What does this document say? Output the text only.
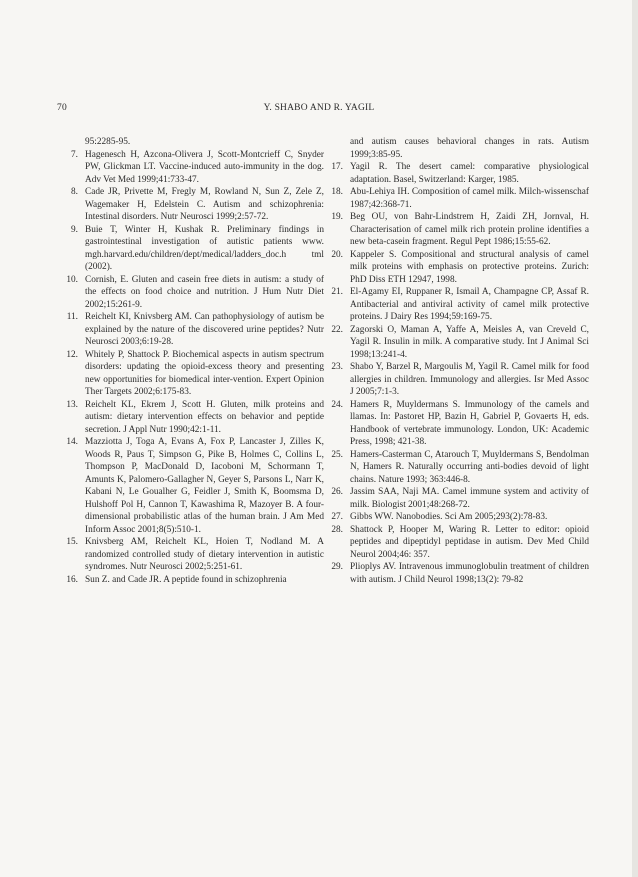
70	Y. SHABO AND R. YAGIL
95:2285-95.
7. Hagenesch H, Azcona-Olivera J, Scott-Montcrieff C, Snyder PW, Glickman LT. Vaccine-induced auto-immunity in the dog. Adv Vet Med 1999;41:733-47.
8. Cade JR, Privette M, Fregly M, Rowland N, Sun Z, Zele Z, Wagemaker H, Edelstein C. Autism and schizophrenia: Intestinal disorders. Nutr Neurosci 1999;2:57-72.
9. Buie T, Winter H, Kushak R. Preliminary findings in gastrointestinal investigation of autistic patients www. mgh.harvard.edu/children/dept/medical/ladders_doc.h tml (2002).
10. Cornish, E. Gluten and casein free diets in autism: a study of the effects on food choice and nutrition. J Hum Nutr Diet 2002;15:261-9.
11. Reichelt KI, Knivsberg AM. Can pathophysiology of autism be explained by the nature of the discovered urine peptides? Nutr Neurosci 2003;6:19-28.
12. Whitely P, Shattock P. Biochemical aspects in autism spectrum disorders: updating the opioid-excess theory and presenting new opportunities for biomedical inter-vention. Expert Opinion Ther Targets 2002;6:175-83.
13. Reichelt KL, Ekrem J, Scott H. Gluten, milk proteins and autism: dietary intervention effects on behavior and peptide secretion. J Appl Nutr 1990;42:1-11.
14. Mazziotta J, Toga A, Evans A, Fox P, Lancaster J, Zilles K, Woods R, Paus T, Simpson G, Pike B, Holmes C, Collins L, Thompson P, MacDonald D, Iacoboni M, Schormann T, Amunts K, Palomero-Gallagher N, Geyer S, Parsons L, Narr K, Kabani N, Le Goualher G, Feidler J, Smith K, Boomsma D, Hulshoff Pol H, Cannon T, Kawashima R, Mazoyer B. A four-dimensional probabilistic atlas of the human brain. J Am Med Inform Assoc 2001;8(5):510-1.
15. Knivsberg AM, Reichelt KL, Hoien T, Nodland M. A randomized controlled study of dietary intervention in autistic syndromes. Nutr Neurosci 2002;5:251-61.
16. Sun Z. and Cade JR. A peptide found in schizophrenia
and autism causes behavioral changes in rats. Autism 1999;3:85-95.
17. Yagil R. The desert camel: comparative physiological adaptation. Basel, Switzerland: Karger, 1985.
18. Abu-Lehiya IH. Composition of camel milk. Milch-wissenschaf 1987;42:368-71.
19. Beg OU, von Bahr-Lindstrem H, Zaidi ZH, Jornval, H. Characterisation of camel milk rich protein proline identifies a new beta-casein fragment. Regul Pept 1986;15:55-62.
20. Kappeler S. Compositional and structural analysis of camel milk proteins with emphasis on protective proteins. Zurich: PhD Diss ETH 12947, 1998.
21. El-Agamy EI, Ruppaner R, Ismail A, Champagne CP, Assaf R. Antibacterial and antiviral activity of camel milk protective proteins. J Dairy Res 1994;59:169-75.
22. Zagorski O, Maman A, Yaffe A, Meisles A, van Creveld C, Yagil R. Insulin in milk. A comparative study. Int J Animal Sci 1998;13:241-4.
23. Shabo Y, Barzel R, Margoulis M, Yagil R. Camel milk for food allergies in children. Immunology and allergies. Isr Med Assoc J 2005;7:1-3.
24. Hamers R, Muyldermans S. Immunology of the camels and llamas. In: Pastoret HP, Bazin H, Gabriel P, Govaerts H, eds. Handbook of vertebrate immunology. London, UK: Academic Press, 1998; 421-38.
25. Hamers-Casterman C, Atarouch T, Muyldermans S, Bendolman N, Hamers R. Naturally occurring anti-bodies devoid of light chains. Nature 1993; 363:446-8.
26. Jassim SAA, Naji MA. Camel immune system and activity of milk. Biologist 2001;48:268-72.
27. Gibbs WW. Nanobodies. Sci Am 2005;293(2):78-83.
28. Shattock P, Hooper M, Waring R. Letter to editor: opioid peptides and dipeptidyl peptidase in autism. Dev Med Child Neurol 2004;46: 357.
29. Plioplys AV. Intravenous immunoglobulin treatment of children with autism. J Child Neurol 1998;13(2): 79-82
